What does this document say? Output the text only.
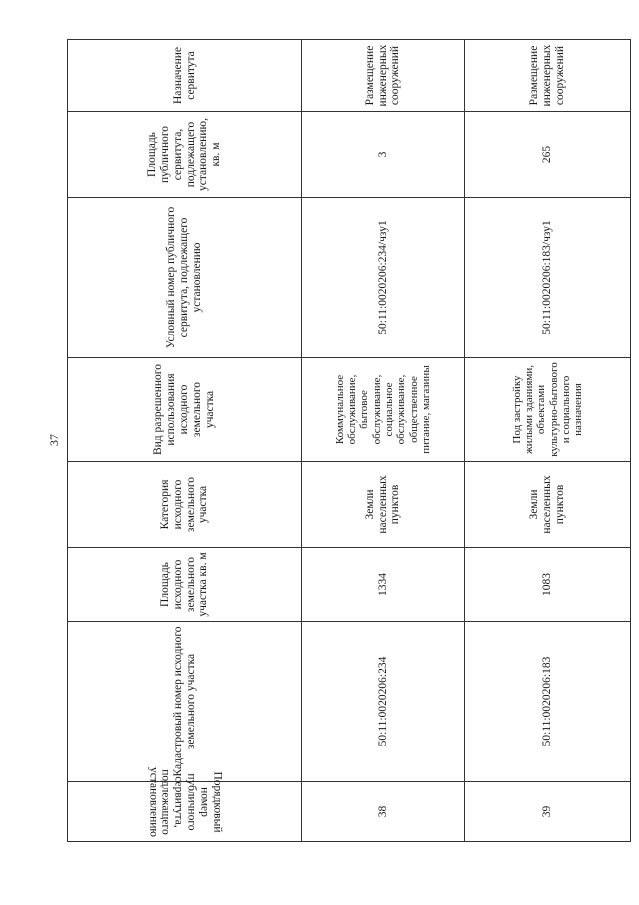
37
Порядковый номер публичного сервитута, подлежащего установлению	Кадастровый номер исходного земельного участка	Площадь исходного земельного участка кв. м	Категория исходного земельного участка	Вид разрешенного использования исходного земельного участка	Условный номер публичного сервитута, подлежащего установлению	Площадь публичного сервитута, подлежащего установлению, кв. м	Назначение сервитута
38	50:11:0020206:234	1334	Земли населенных пунктов	Коммунальное обслуживание, бытовое обслуживание, социальное обслуживание, общественное питание, магазины	50:11:0020206:234/чзу1	3	Размещение инженерных сооружений
39	50:11:0020206:183	1083	Земли населенных пунктов	Под застройку жилыми зданиями, объектами культурно-бытового и социального назначения	50:11:0020206:183/чзу1	265	Размещение инженерных сооружений
